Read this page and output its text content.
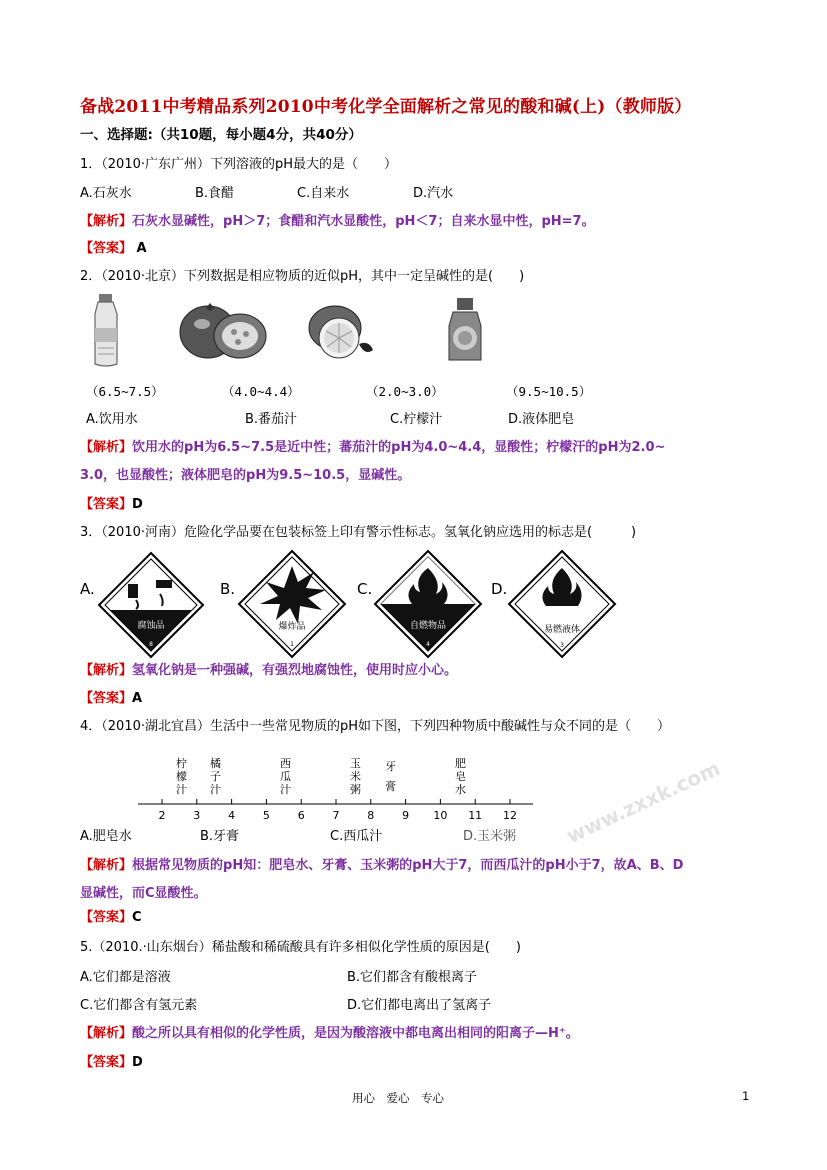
备战2011中考精品系列2010中考化学全面解析之常见的酸和碱(上)（教师版）
一、选择题:（共10题，每小题4分，共40分）
1．（2010·广东广州）下列溶液的pH最大的是（　　）
A.石灰水	B.食醋	C.自来水	D.汽水
【解析】石灰水显碱性，pH＞7；食醋和汽水显酸性，pH＜7；自来水显中性，pH=7。
【答案】 A
2．（2010·北京）下列数据是相应物质的近似pH，其中一定呈碱性的是(　　)
（6.5~7.5）	（4.0~4.4）	（2.0~3.0）	（9.5~10.5）
A.饮用水	B.番茄汁	C.柠檬汁	D.液体肥皂
【解析】饮用水的pH为6.5~7.5是近中性；蕃茄汁的pH为4.0~4.4，显酸性；柠檬汗的pH为2.0~
3.0，也显酸性；液体肥皂的pH为9.5~10.5，显碱性。
【答案】D
3．（2010·河南）危险化学品要在包装标签上印有警示性标志。氢氧化钠应选用的标志是(　　　)
A.
腐蚀品
8
B.
爆炸品
1
C.
自燃物品
4
D.
易燃液体
3
【解析】氢氧化钠是一种强碱，有强烈地腐蚀性，使用时应小心。
【答案】A
4．（2010·湖北宜昌）生活中一些常见物质的pH如下图，下列四种物质中酸碱性与众不同的是（　　）
柠
檬
汁
橘
子
汁
西
瓜
汁
玉
米
粥
牙
膏
肥
皂
水
2	3	4	5	6	7	8	9 10 11 12
A.肥皂水	B.牙膏	C.西瓜汁	D.玉米粥 www.zxxk.com
【解析】根据常见物质的pH知：肥皂水、牙膏、玉米粥的pH大于7，而西瓜汁的pH小于7，故A、B、D
显碱性，而C显酸性。
【答案】C
5.（2010.·山东烟台）稀盐酸和稀硫酸具有许多相似化学性质的原因是(　　)
A.它们都是溶液	B.它们都含有酸根离子
C.它们都含有氢元素	D.它们都电离出了氢离子
【解析】酸之所以具有相似的化学性质，是因为酸溶液中都电离出相同的阳离子—H⁺。
【答案】D
用心　爱心　专心	1
